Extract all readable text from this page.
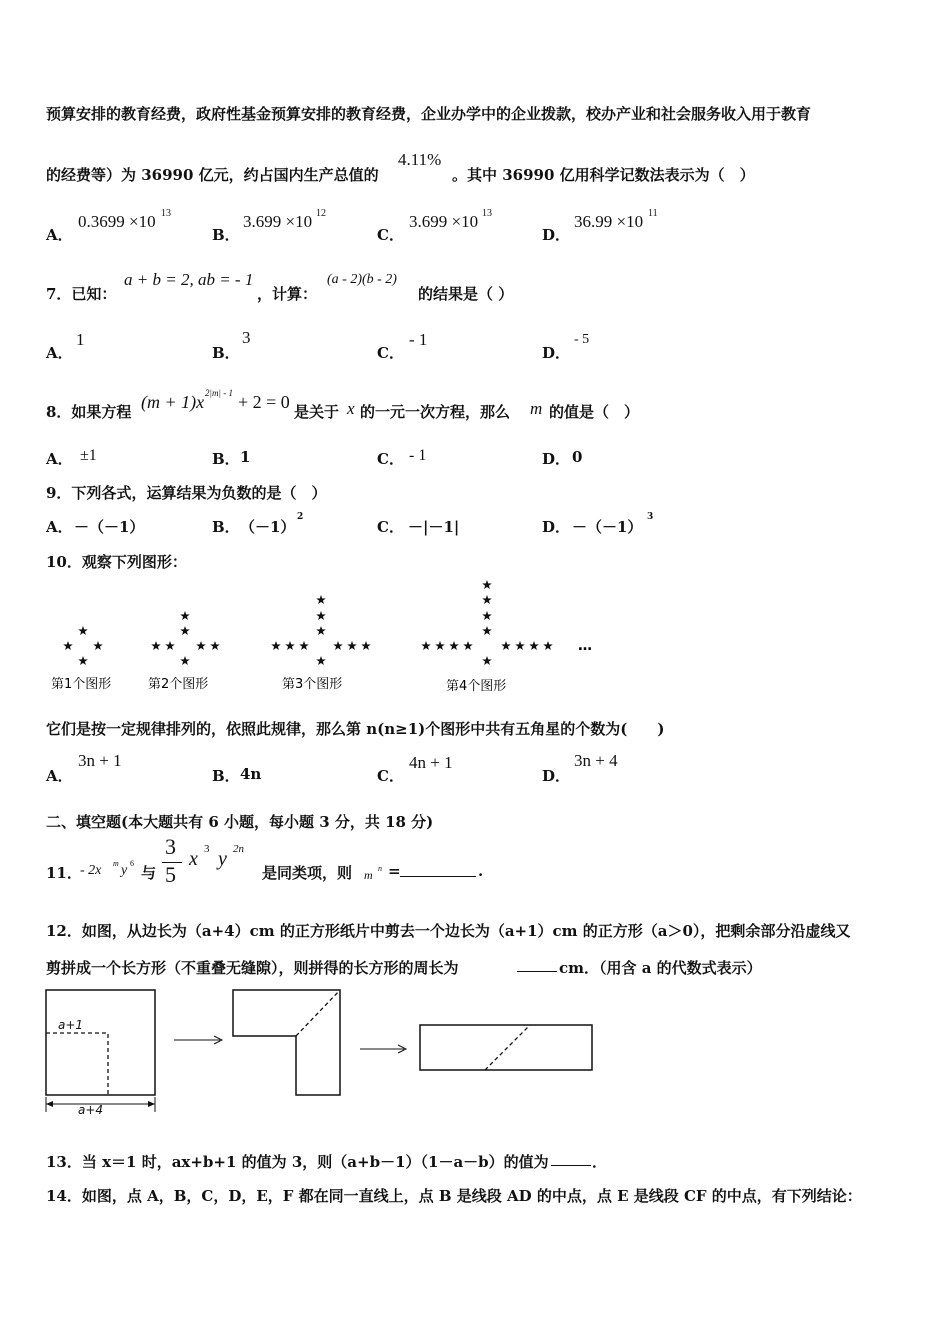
预算安排的教育经费，政府性基金预算安排的教育经费，企业办学中的企业拨款，校办产业和社会服务收入用于教育
的经费等）为 36990 亿元，约占国内生产总值的
4.11%
。其中 36990 亿用科学记数法表示为（　）
A．
0.3699 ×10 13
B．
3.699 ×10 12
C．
3.699 ×10 13
D．
36.99 ×10 11
7．已知：
a + b = 2, ab = - 1
，计算：
(a - 2)(b - 2)
的结果是（ ）
A．
1
B．
3
C．
- 1
D．
- 5
8．如果方程 (m + 1)x 2|m| - 1 + 2 = 0 是关于 x 的一元一次方程，那么 m 的值是（　）
A． ±1	B． 1	C． - 1	D． 0
9．下列各式，运算结果为负数的是（　）
A． －（－1）	B． （－1）
2
C． －|－1|	D． －（－1）
3
10．观察下列图形：
…
第1个图形	第2个图形	第3个图形	第4个图形
它们是按一定规律排列的，依照此规律，那么第 n(n≥1)个图形中共有五角星的个数为(　　)
A．
3n + 1
B． 4n	C．
4n + 1
D．
3n + 4
二、填空题(本大题共有 6 小题，每小题 3 分，共 18 分)
11．
- 2x m y 6
与
3
5
x 3 y 2n
是同类项，则 m n =	.
12．如图，从边长为（a+4）cm 的正方形纸片中剪去一个边长为（a+1）cm 的正方形（a＞0），把剩余部分沿虚线又
剪拼成一个长方形（不重叠无缝隙），则拼得的长方形的周长为	cm．（用含 a 的代数式表示）
a+1
a+4
13．当 x＝1 时，ax+b+1 的值为 3，则（a+b－1）（1－a－b）的值为	．
14．如图，点 A，B，C，D，E，F 都在同一直线上，点 B 是线段 AD 的中点，点 E 是线段 CF 的中点，有下列结论：
